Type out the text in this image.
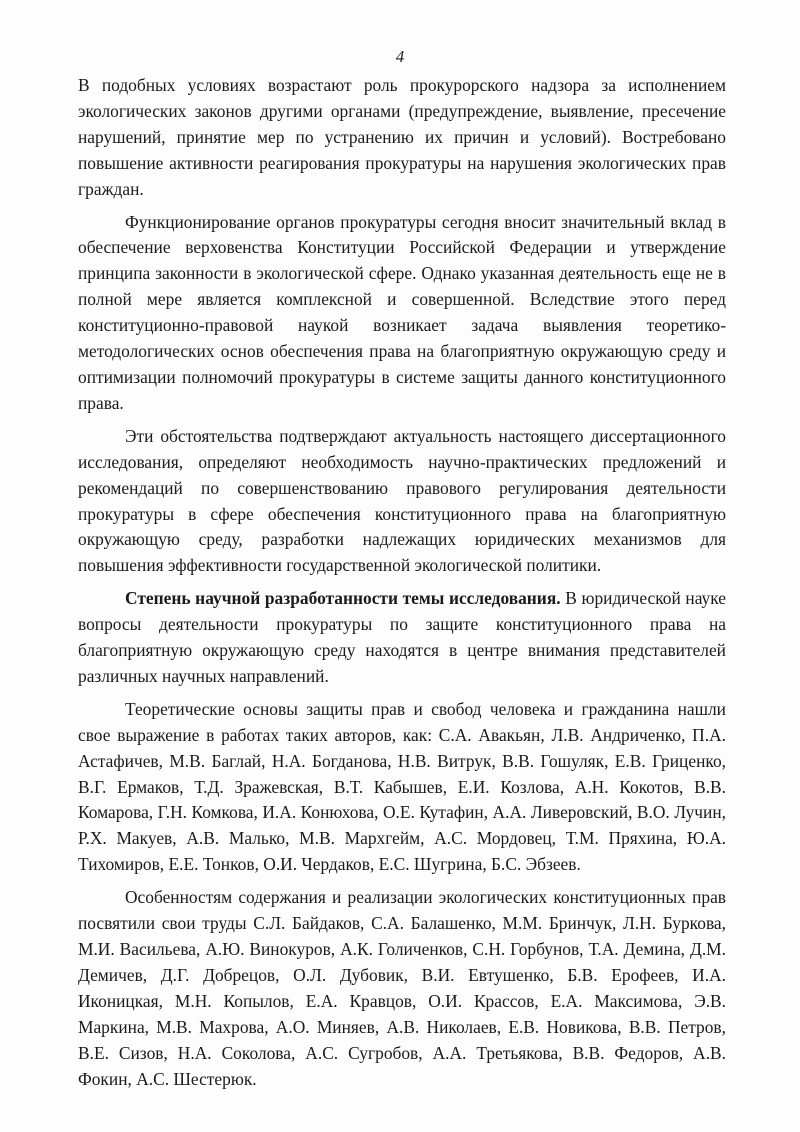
4

В подобных условиях возрастают роль прокурорского надзора за исполнением экологических законов другими органами (предупреждение, выявление, пресечение нарушений, принятие мер по устранению их причин и условий). Востребовано повышение активности реагирования прокуратуры на нарушения экологических прав граждан.

Функционирование органов прокуратуры сегодня вносит значительный вклад в обеспечение верховенства Конституции Российской Федерации и утверждение принципа законности в экологической сфере. Однако указанная деятельность еще не в полной мере является комплексной и совершенной. Вследствие этого перед конституционно-правовой наукой возникает задача выявления теоретико-методологических основ обеспечения права на благоприятную окружающую среду и оптимизации полномочий прокуратуры в системе защиты данного конституционного права.

Эти обстоятельства подтверждают актуальность настоящего диссертационного исследования, определяют необходимость научно-практических предложений и рекомендаций по совершенствованию правового регулирования деятельности прокуратуры в сфере обеспечения конституционного права на благоприятную окружающую среду, разработки надлежащих юридических механизмов для повышения эффективности государственной экологической политики.

Степень научной разработанности темы исследования. В юридической науке вопросы деятельности прокуратуры по защите конституционного права на благоприятную окружающую среду находятся в центре внимания представителей различных научных направлений.

Теоретические основы защиты прав и свобод человека и гражданина нашли свое выражение в работах таких авторов, как: С.А. Авакьян, Л.В. Андриченко, П.А. Астафичев, М.В. Баглай, Н.А. Богданова, Н.В. Витрук, В.В. Гошуляк, Е.В. Гриценко, В.Г. Ермаков, Т.Д. Зражевская, В.Т. Кабышев, Е.И. Козлова, А.Н. Кокотов, В.В. Комарова, Г.Н. Комкова, И.А. Конюхова, О.Е. Кутафин, А.А. Ливеровский, В.О. Лучин, Р.Х. Макуев, А.В. Малько, М.В. Мархгейм, А.С. Мордовец, Т.М. Пряхина, Ю.А. Тихомиров, Е.Е. Тонков, О.И. Чердаков, Е.С. Шугрина, Б.С. Эбзеев.

Особенностям содержания и реализации экологических конституционных прав посвятили свои труды С.Л. Байдаков, С.А. Балашенко, М.М. Бринчук, Л.Н. Буркова, М.И. Васильева, А.Ю. Винокуров, А.К. Голиченков, С.Н. Горбунов, Т.А. Демина, Д.М. Демичев, Д.Г. Добрецов, О.Л. Дубовик, В.И. Евтушенко, Б.В. Ерофеев, И.А. Иконицкая, М.Н. Копылов, Е.А. Кравцов, О.И. Крассов, Е.А. Максимова, Э.В. Маркина, М.В. Махрова, А.О. Миняев, А.В. Николаев, Е.В. Новикова, В.В. Петров, В.Е. Сизов, Н.А. Соколова, А.С. Сугробов, А.А. Третьякова, В.В. Федоров, А.В. Фокин, А.С. Шестерюк.
